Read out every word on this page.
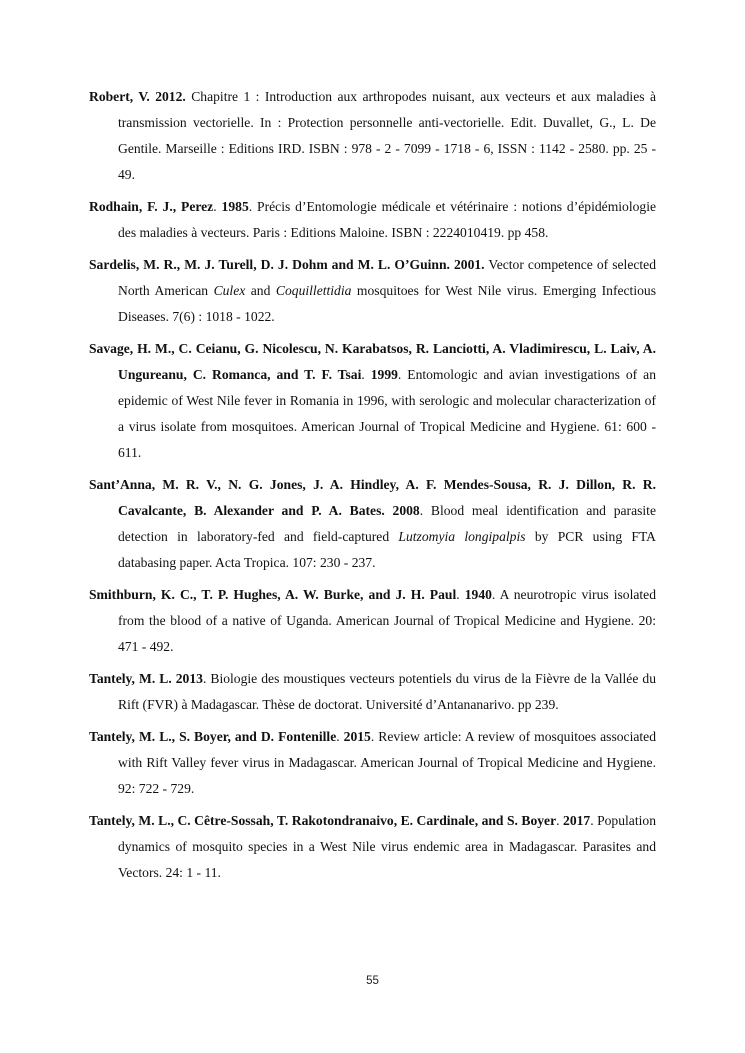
Robert, V. 2012. Chapitre 1 : Introduction aux arthropodes nuisant, aux vecteurs et aux maladies à transmission vectorielle. In : Protection personnelle anti-vectorielle. Edit. Duvallet, G., L. De Gentile. Marseille : Editions IRD. ISBN : 978 - 2 - 7099 - 1718 - 6, ISSN : 1142 - 2580. pp. 25 - 49.

Rodhain, F. J., Perez. 1985. Précis d’Entomologie médicale et vétérinaire : notions d’épidémiologie des maladies à vecteurs. Paris : Editions Maloine. ISBN : 2224010419. pp 458.

Sardelis, M. R., M. J. Turell, D. J. Dohm and M. L. O’Guinn. 2001. Vector competence of selected North American Culex and Coquillettidia mosquitoes for West Nile virus. Emerging Infectious Diseases. 7(6) : 1018 - 1022.

Savage, H. M., C. Ceianu, G. Nicolescu, N. Karabatsos, R. Lanciotti, A. Vladimirescu, L. Laiv, A. Ungureanu, C. Romanca, and T. F. Tsai. 1999. Entomologic and avian investigations of an epidemic of West Nile fever in Romania in 1996, with serologic and molecular characterization of a virus isolate from mosquitoes. American Journal of Tropical Medicine and Hygiene. 61: 600 - 611.

Sant’Anna, M. R. V., N. G. Jones, J. A. Hindley, A. F. Mendes-Sousa, R. J. Dillon, R. R. Cavalcante, B. Alexander and P. A. Bates. 2008. Blood meal identification and parasite detection in laboratory-fed and field-captured Lutzomyia longipalpis by PCR using FTA databasing paper. Acta Tropica. 107: 230 - 237.

Smithburn, K. C., T. P. Hughes, A. W. Burke, and J. H. Paul. 1940. A neurotropic virus isolated from the blood of a native of Uganda. American Journal of Tropical Medicine and Hygiene. 20: 471 - 492.

Tantely, M. L. 2013. Biologie des moustiques vecteurs potentiels du virus de la Fièvre de la Vallée du Rift (FVR) à Madagascar. Thèse de doctorat. Université d’Antananarivo. pp 239.

Tantely, M. L., S. Boyer, and D. Fontenille. 2015. Review article: A review of mosquitoes associated with Rift Valley fever virus in Madagascar. American Journal of Tropical Medicine and Hygiene. 92: 722 - 729.

Tantely, M. L., C. Cêtre-Sossah, T. Rakotondranaivo, E. Cardinale, and S. Boyer. 2017. Population dynamics of mosquito species in a West Nile virus endemic area in Madagascar. Parasites and Vectors. 24: 1 - 11.

55
